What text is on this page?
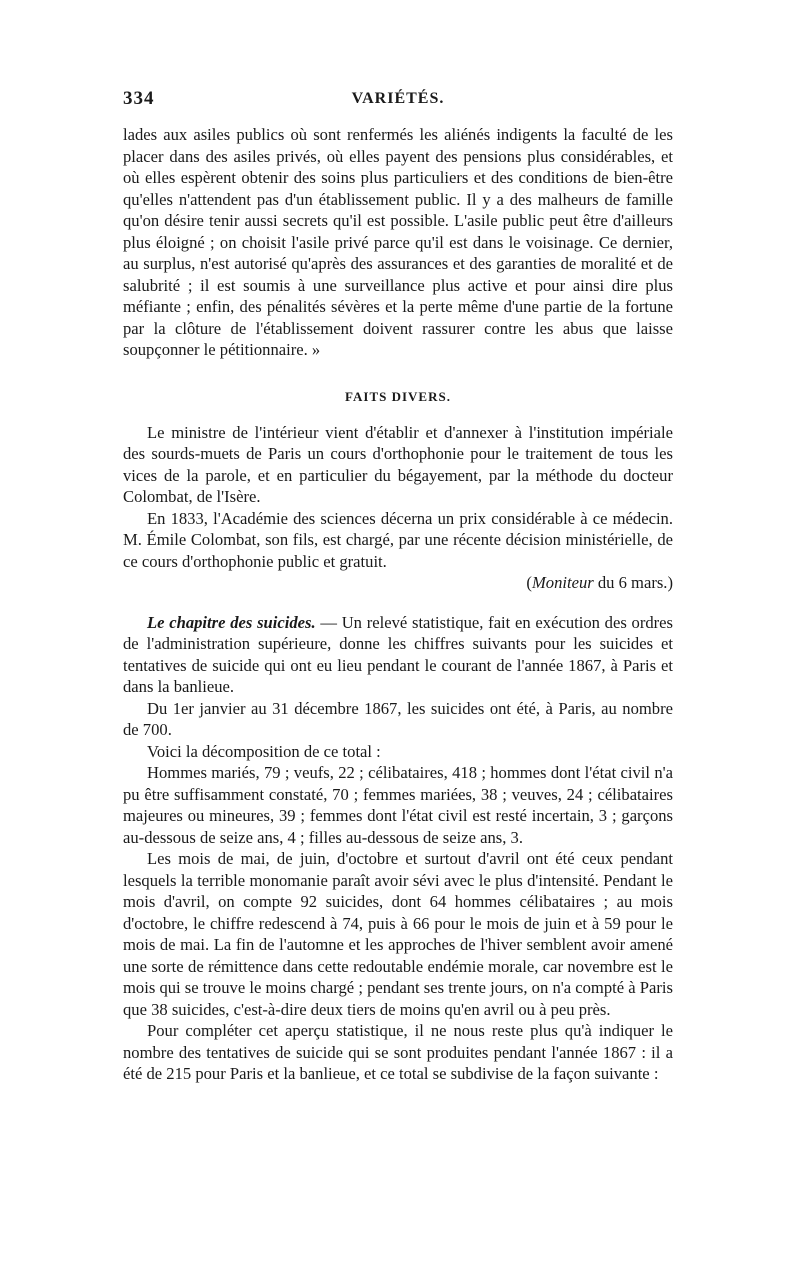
334	VARIÉTÉS.

lades aux asiles publics où sont renfermés les aliénés indigents la faculté de les placer dans des asiles privés, où elles payent des pensions plus considérables, et où elles espèrent obtenir des soins plus particuliers et des conditions de bien-être qu'elles n'attendent pas d'un établissement public. Il y a des malheurs de famille qu'on désire tenir aussi secrets qu'il est possible. L'asile public peut être d'ailleurs plus éloigné ; on choisit l'asile privé parce qu'il est dans le voisinage. Ce dernier, au surplus, n'est autorisé qu'après des assurances et des garanties de moralité et de salubrité ; il est soumis à une surveillance plus active et pour ainsi dire plus méfiante ; enfin, des pénalités sévères et la perte même d'une partie de la fortune par la clôture de l'établissement doivent rassurer contre les abus que laisse soupçonner le pétitionnaire. »

FAITS DIVERS.

Le ministre de l'intérieur vient d'établir et d'annexer à l'institution impériale des sourds-muets de Paris un cours d'orthophonie pour le traitement de tous les vices de la parole, et en particulier du bégayement, par la méthode du docteur Colombat, de l'Isère.

En 1833, l'Académie des sciences décerna un prix considérable à ce médecin. M. Émile Colombat, son fils, est chargé, par une récente décision ministérielle, de ce cours d'orthophonie public et gratuit.

(Moniteur du 6 mars.)

Le chapitre des suicides. — Un relevé statistique, fait en exécution des ordres de l'administration supérieure, donne les chiffres suivants pour les suicides et tentatives de suicide qui ont eu lieu pendant le courant de l'année 1867, à Paris et dans la banlieue.

Du 1er janvier au 31 décembre 1867, les suicides ont été, à Paris, au nombre de 700.

Voici la décomposition de ce total :

Hommes mariés, 79 ; veufs, 22 ; célibataires, 418 ; hommes dont l'état civil n'a pu être suffisamment constaté, 70 ; femmes mariées, 38 ; veuves, 24 ; célibataires majeures ou mineures, 39 ; femmes dont l'état civil est resté incertain, 3 ; garçons au-dessous de seize ans, 4 ; filles au-dessous de seize ans, 3.

Les mois de mai, de juin, d'octobre et surtout d'avril ont été ceux pendant lesquels la terrible monomanie paraît avoir sévi avec le plus d'intensité. Pendant le mois d'avril, on compte 92 suicides, dont 64 hommes célibataires ; au mois d'octobre, le chiffre redescend à 74, puis à 66 pour le mois de juin et à 59 pour le mois de mai. La fin de l'automne et les approches de l'hiver semblent avoir amené une sorte de rémittence dans cette redoutable endémie morale, car novembre est le mois qui se trouve le moins chargé ; pendant ses trente jours, on n'a compté à Paris que 38 suicides, c'est-à-dire deux tiers de moins qu'en avril ou à peu près.

Pour compléter cet aperçu statistique, il ne nous reste plus qu'à indiquer le nombre des tentatives de suicide qui se sont produites pendant l'année 1867 : il a été de 215 pour Paris et la banlieue, et ce total se subdivise de la façon suivante :
